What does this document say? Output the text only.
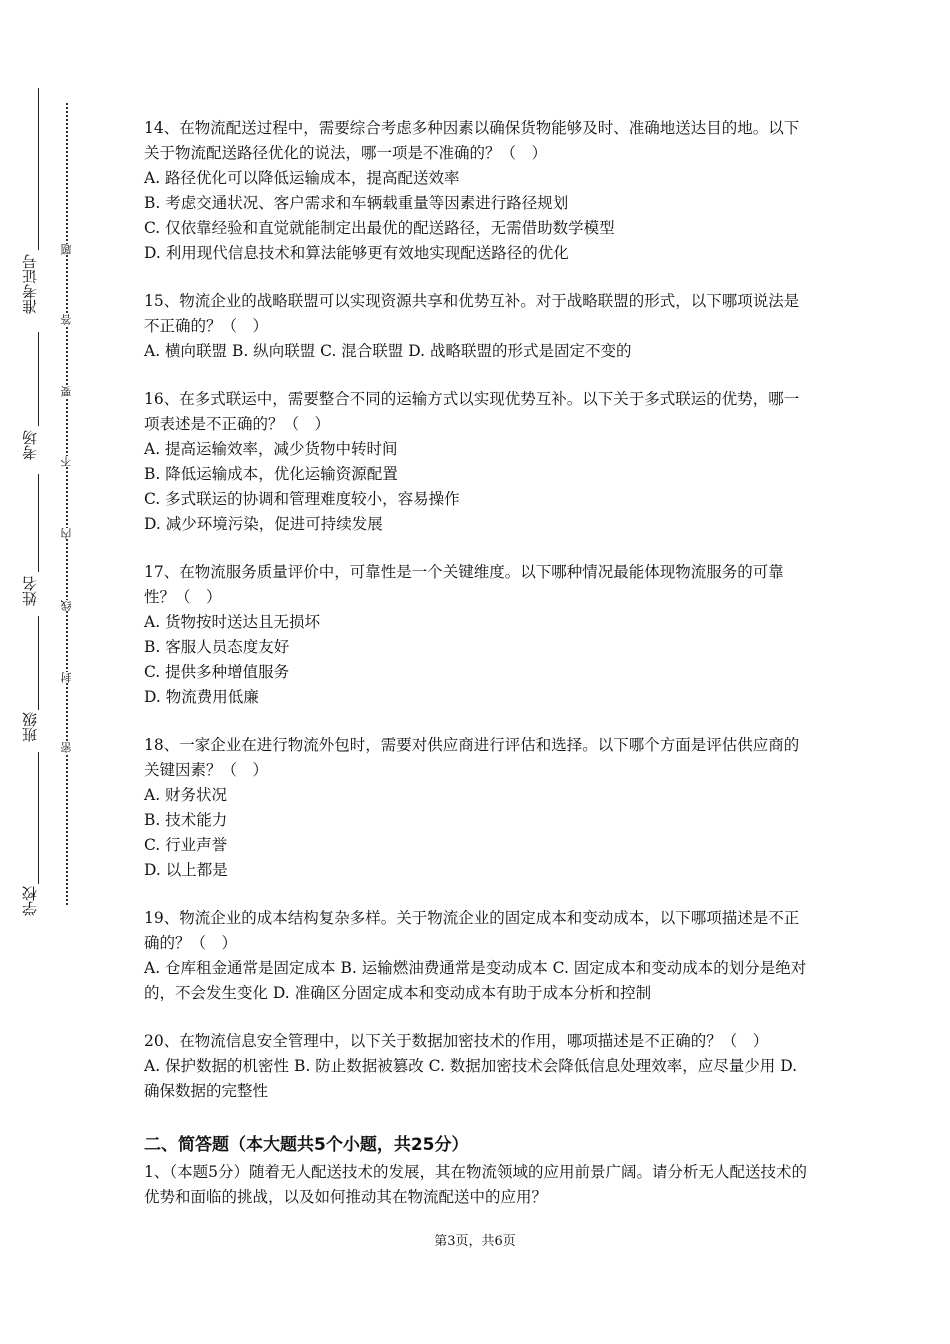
准考证号
考场
姓名
班级
学校
题
答
要
不
内
线
封
密

14、在物流配送过程中，需要综合考虑多种因素以确保货物能够及时、准确地送达目的地。以下关于物流配送路径优化的说法，哪一项是不准确的？（　）

A. 路径优化可以降低运输成本，提高配送效率

B. 考虑交通状况、客户需求和车辆载重量等因素进行路径规划

C. 仅依靠经验和直觉就能制定出最优的配送路径，无需借助数学模型

D. 利用现代信息技术和算法能够更有效地实现配送路径的优化

15、物流企业的战略联盟可以实现资源共享和优势互补。对于战略联盟的形式，以下哪项说法是不正确的？（　）

A. 横向联盟 B. 纵向联盟 C. 混合联盟 D. 战略联盟的形式是固定不变的

16、在多式联运中，需要整合不同的运输方式以实现优势互补。以下关于多式联运的优势，哪一项表述是不正确的？（　）

A. 提高运输效率，减少货物中转时间

B. 降低运输成本，优化运输资源配置

C. 多式联运的协调和管理难度较小，容易操作

D. 减少环境污染，促进可持续发展

17、在物流服务质量评价中，可靠性是一个关键维度。以下哪种情况最能体现物流服务的可靠性？（　）

A. 货物按时送达且无损坏

B. 客服人员态度友好

C. 提供多种增值服务

D. 物流费用低廉

18、一家企业在进行物流外包时，需要对供应商进行评估和选择。以下哪个方面是评估供应商的关键因素？（　）

A. 财务状况

B. 技术能力

C. 行业声誉

D. 以上都是

19、物流企业的成本结构复杂多样。关于物流企业的固定成本和变动成本，以下哪项描述是不正确的？（　）

A. 仓库租金通常是固定成本 B. 运输燃油费通常是变动成本 C. 固定成本和变动成本的划分是绝对的，不会发生变化 D. 准确区分固定成本和变动成本有助于成本分析和控制

20、在物流信息安全管理中，以下关于数据加密技术的作用，哪项描述是不正确的？（　）

A. 保护数据的机密性 B. 防止数据被篡改 C. 数据加密技术会降低信息处理效率，应尽量少用 D. 确保数据的完整性

二、简答题（本大题共5个小题，共25分）

1、（本题5分）随着无人配送技术的发展，其在物流领域的应用前景广阔。请分析无人配送技术的优势和面临的挑战，以及如何推动其在物流配送中的应用？

第3页，共6页
